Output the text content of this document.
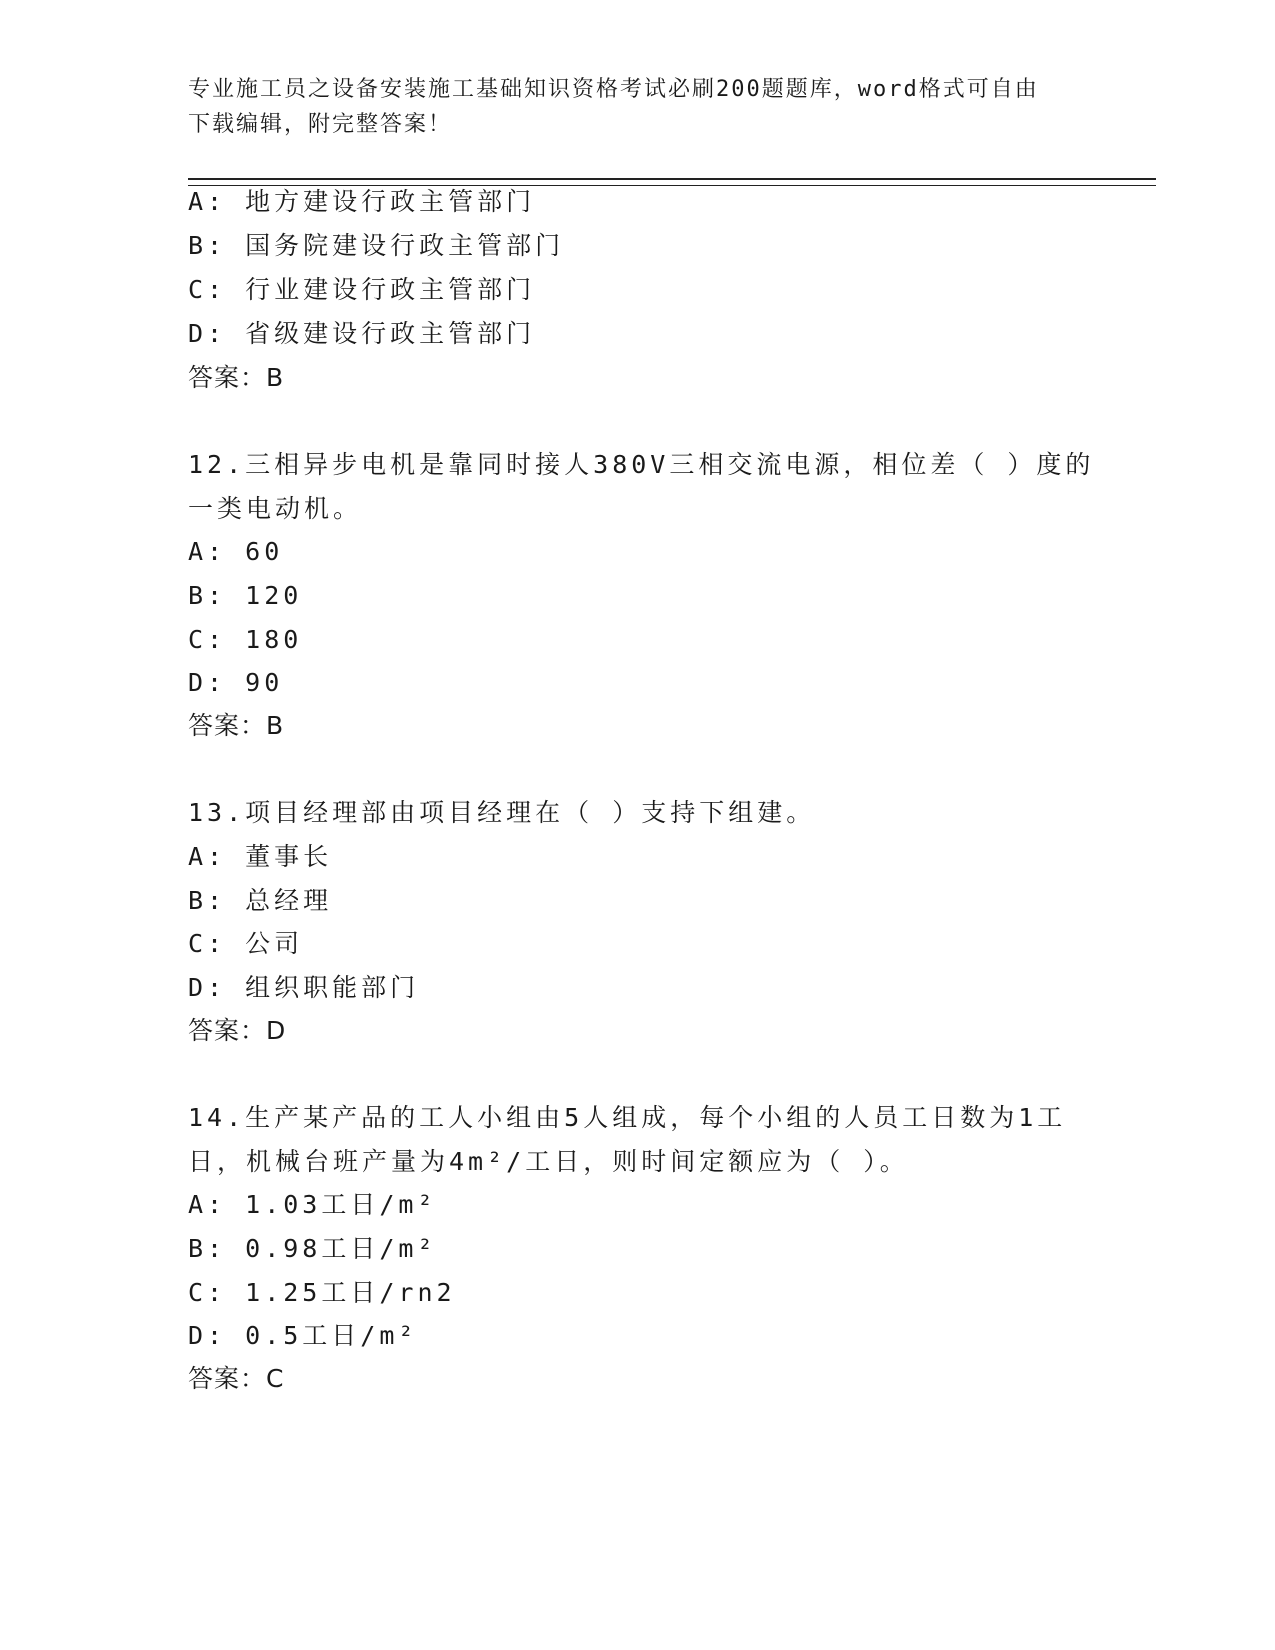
专业施工员之设备安装施工基础知识资格考试必刷200题题库，word格式可自由
下载编辑，附完整答案！
A: 地方建设行政主管部门
B: 国务院建设行政主管部门
C: 行业建设行政主管部门
D: 省级建设行政主管部门
答案：B
12.三相异步电机是靠同时接人380V三相交流电源，相位差（ ）度的
一类电动机。
A: 60
B: 120
C: 180
D: 90
答案：B
13.项目经理部由项目经理在（ ）支持下组建。
A: 董事长
B: 总经理
C: 公司
D: 组织职能部门
答案：D
14.生产某产品的工人小组由5人组成，每个小组的人员工日数为1工
日，机械台班产量为4m²/工日，则时间定额应为（ ）。
A: 1.03工日/m²
B: 0.98工日/m²
C: 1.25工日/rn2
D: 0.5工日/m²
答案：C
